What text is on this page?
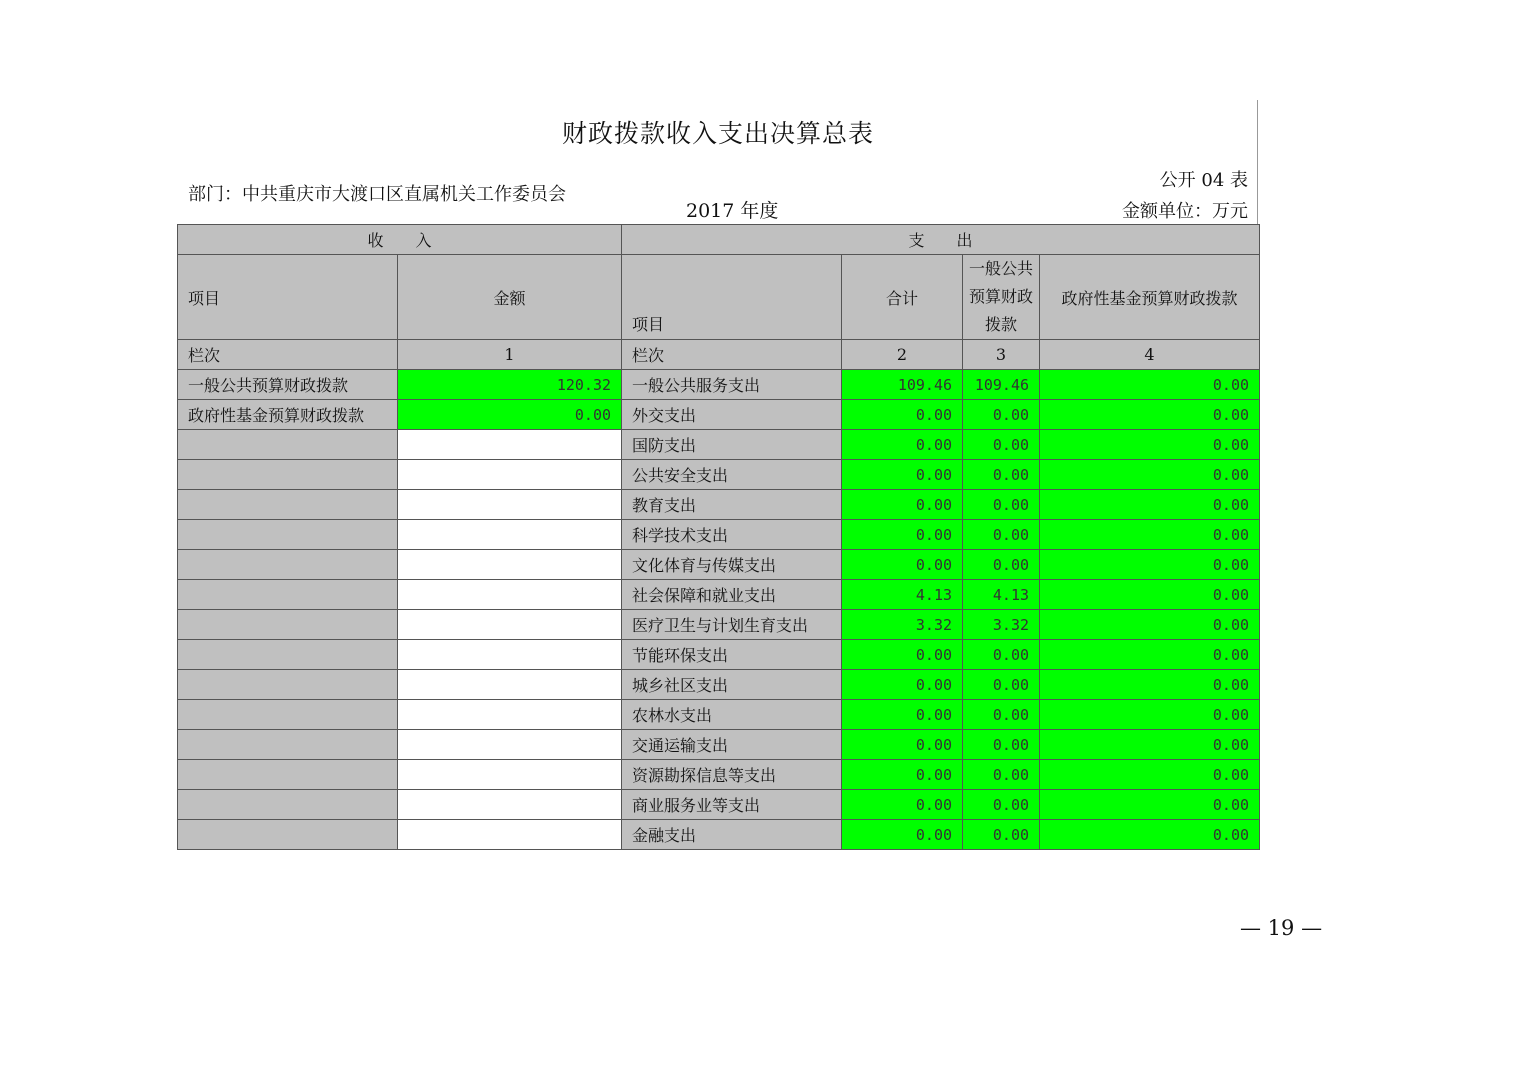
财政拨款收入支出决算总表
部门：中共重庆市大渡口区直属机关工作委员会
2017 年度
公开 04 表
金额单位：万元
收　　入		支　　出			
项目	金额	项目	合计	一般公共预算财政拨款	政府性基金预算财政拨款
栏次	1	栏次	2	3	4
一般公共预算财政拨款	120.32	一般公共服务支出	109.46	109.46	0.00
政府性基金预算财政拨款	0.00	外交支出	0.00	0.00	0.00
		国防支出	0.00	0.00	0.00
		公共安全支出	0.00	0.00	0.00
		教育支出	0.00	0.00	0.00
		科学技术支出	0.00	0.00	0.00
		文化体育与传媒支出	0.00	0.00	0.00
		社会保障和就业支出	4.13	4.13	0.00
		医疗卫生与计划生育支出	3.32	3.32	0.00
		节能环保支出	0.00	0.00	0.00
		城乡社区支出	0.00	0.00	0.00
		农林水支出	0.00	0.00	0.00
		交通运输支出	0.00	0.00	0.00
		资源勘探信息等支出	0.00	0.00	0.00
		商业服务业等支出	0.00	0.00	0.00
		金融支出	0.00	0.00	0.00
— 19 —
